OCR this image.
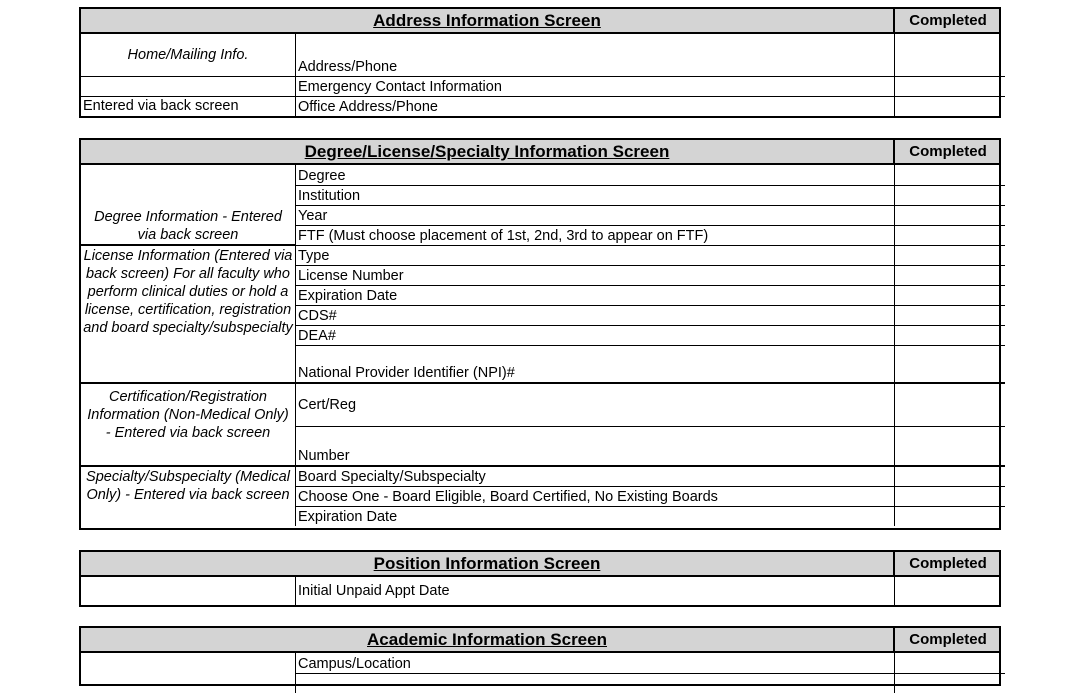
Address Information Screen	Completed
Home/Mailing Info.	Address/Phone	
	Emergency Contact Information	
Entered via back screen	Office Address/Phone	
Degree/License/Specialty Information Screen	Completed
Degree Information - Entered via back screen	Degree	
	Institution	
	Year	
	FTF (Must choose placement of 1st, 2nd, 3rd to appear on FTF)	
License Information (Entered via back screen) For all faculty who perform clinical duties or hold a license, certification, registration and board specialty/subspecialty	Type	
	License Number	
	Expiration Date	
	CDS#	
	DEA#	
	National Provider Identifier (NPI)#	
Certification/Registration Information (Non-Medical Only) - Entered via back screen	Cert/Reg	
	Number	
Specialty/Subspecialty (Medical Only) - Entered via back screen	Board Specialty/Subspecialty	
	Choose One - Board Eligible, Board Certified, No Existing Boards	
	Expiration Date	
Position Information Screen	Completed
	Initial Unpaid Appt Date	
Academic Information Screen	Completed
	Campus/Location	
